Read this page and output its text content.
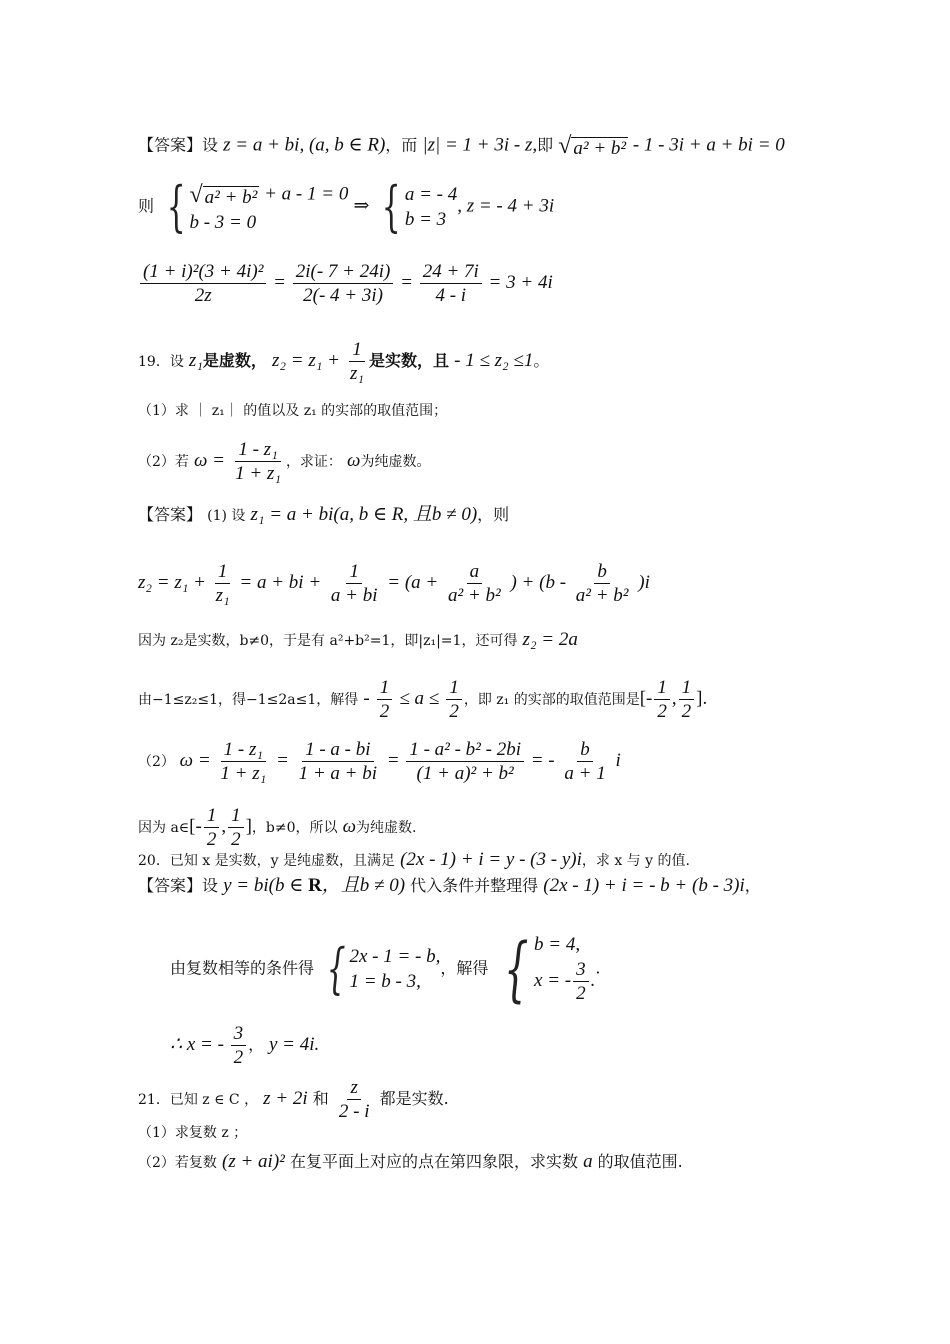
【答案】设 z = a + bi, (a, b ∈ R)，而 |z| = 1 + 3i - z,即 √ a² + b² - 1 - 3i + a + bi = 0
则 { √ a² + b² + a - 1 = 0
b - 3 = 0
⇒ { a = - 4
b = 3
, z = - 4 + 3i
$\frac{\text{(1 + i)²(3 + 4i)²}}{2z} = \frac{2i(- 7 + 24i)}{2(- 4 + 3i)} = \frac{24 + 7i}{4 - i} = 3 + 4i$
19．设 z₁是虚数， $z_2 = z_1 + \frac{1}{\text{z₁}}$ 是实数，且 - 1 ≤ z₂ ≤1。
（1）求 ｜ z₁｜ 的值以及 z₁ 的实部的取值范围；
（2）若 $\omega = \frac{\text{1 - z₁}}{\text{1 + z₁}}$ ，求证： ω为纯虚数。
【答案】 (1) 设 z₁ = a + bi(a, b ∈ R, 且b ≠ 0)，则
$z_2 = z_1 + \frac{1}{\text{z₁}} = a$ + bi + $\frac{1}{a + bi} = (a + \frac{a}{\text{a² + b²}}$ ) + $(b - \frac{b}{\text{a² + b²}} )i$
因为 z₂是实数，b≠0，于是有 a²+b²=1，即|z₁|=1，还可得 z₂ = 2a
由−1≤z₂≤1，得−1≤2a≤1，解得 - $\frac{1}{2} \le a \le \frac{1}{2}$ ，即 z₁ 的实部的取值范围是[- $\frac{1}{2}$ , $\frac{1}{2}$ ].
（2） $\omega = \frac{\text{1 - z₁}}{\text{1 + z₁}} = \frac{1 - a - bi}{1 + a + bi} = \frac{\text{1 - a² - b² - 2bi}}{\text{(1 + a)² + b²}}$ = - $\frac{b}{a + 1}$ i
因为 a∈[- $\frac{1}{2}$ , $\frac{1}{2}$ ]，b≠0，所以 ω为纯虚数.
20．已知 x 是实数，y 是纯虚数，且满足 (2x - 1) + i = y - (3 - y)i，求 x 与 y 的值.
【答案】设 y = bi(b ∈ R，且b ≠ 0) 代入条件并整理得 (2x - 1) + i = - b + (b - 3)i，
由复数相等的条件得 { 2x - 1 = - b,
1 = b - 3,
，解得 { b = 4,
x = - $\frac{3}{2}$ .
.
∴ x = - $\frac{3}{2}$ ， y = 4i.
21．已知 z ∈ C ， z + 2i 和 $\frac{z}{2 - i}$ 都是实数.
（1）求复数 z ；
（2）若复数 (z + ai)² 在复平面上对应的点在第四象限，求实数 a 的取值范围.
